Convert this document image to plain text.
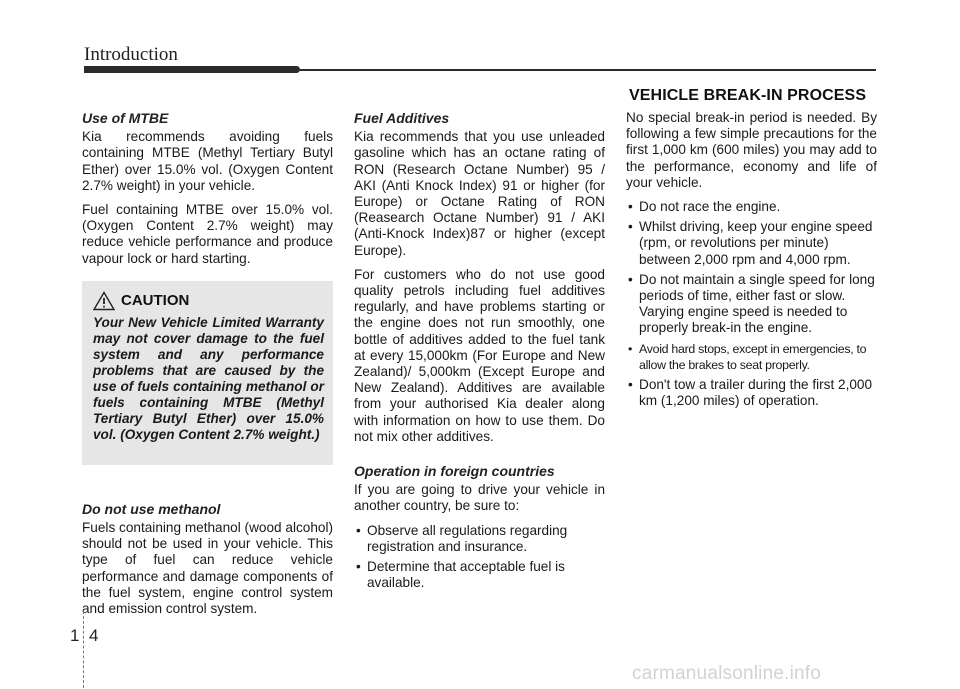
Introduction
Use of MTBE

Kia recommends avoiding fuels containing MTBE (Methyl Tertiary Butyl Ether) over 15.0% vol. (Oxygen Content 2.7% weight) in your vehicle.

Fuel containing MTBE over 15.0% vol. (Oxygen Content 2.7% weight) may reduce vehicle performance and produce vapour lock or hard starting.

CAUTION

Your New Vehicle Limited Warranty may not cover damage to the fuel system and any performance problems that are caused by the use of fuels containing methanol or fuels containing MTBE (Methyl Tertiary Butyl Ether) over 15.0% vol. (Oxygen Content 2.7% weight.)

Do not use methanol

Fuels containing methanol (wood alcohol) should not be used in your vehicle. This type of fuel can reduce vehicle performance and damage components of the fuel system, engine control system and emission control system.

Fuel Additives

Kia recommends that you use unleaded gasoline which has an octane rating of RON (Research Octane Number) 95 / AKI (Anti Knock Index) 91 or higher (for Europe) or Octane Rating of RON (Reasearch Octane Number) 91 / AKI (Anti-Knock Index)87 or higher (except Europe).

For customers who do not use good quality petrols including fuel additives regularly, and have problems starting or the engine does not run smoothly, one bottle of additives added to the fuel tank at every 15,000km (For Europe and New Zealand)/ 5,000km (Except Europe and New Zealand). Additives are available from your authorised Kia dealer along with information on how to use them. Do not mix other additives.

Operation in foreign countries

If you are going to drive your vehicle in another country, be sure to:

• Observe all regulations regarding registration and insurance.
• Determine that acceptable fuel is available.
VEHICLE BREAK-IN PROCESS

No special break-in period is needed. By following a few simple precautions for the first 1,000 km (600 miles) you may add to the performance, economy and life of your vehicle.

• Do not race the engine.
• Whilst driving, keep your engine speed (rpm, or revolutions per minute) between 2,000 rpm and 4,000 rpm.
• Do not maintain a single speed for long periods of time, either fast or slow. Varying engine speed is needed to properly break-in the engine.
• Avoid hard stops, except in emergencies, to allow the brakes to seat properly.
• Don't tow a trailer during the first 2,000 km (1,200 miles) of operation.
1 4
carmanualsonline.info
